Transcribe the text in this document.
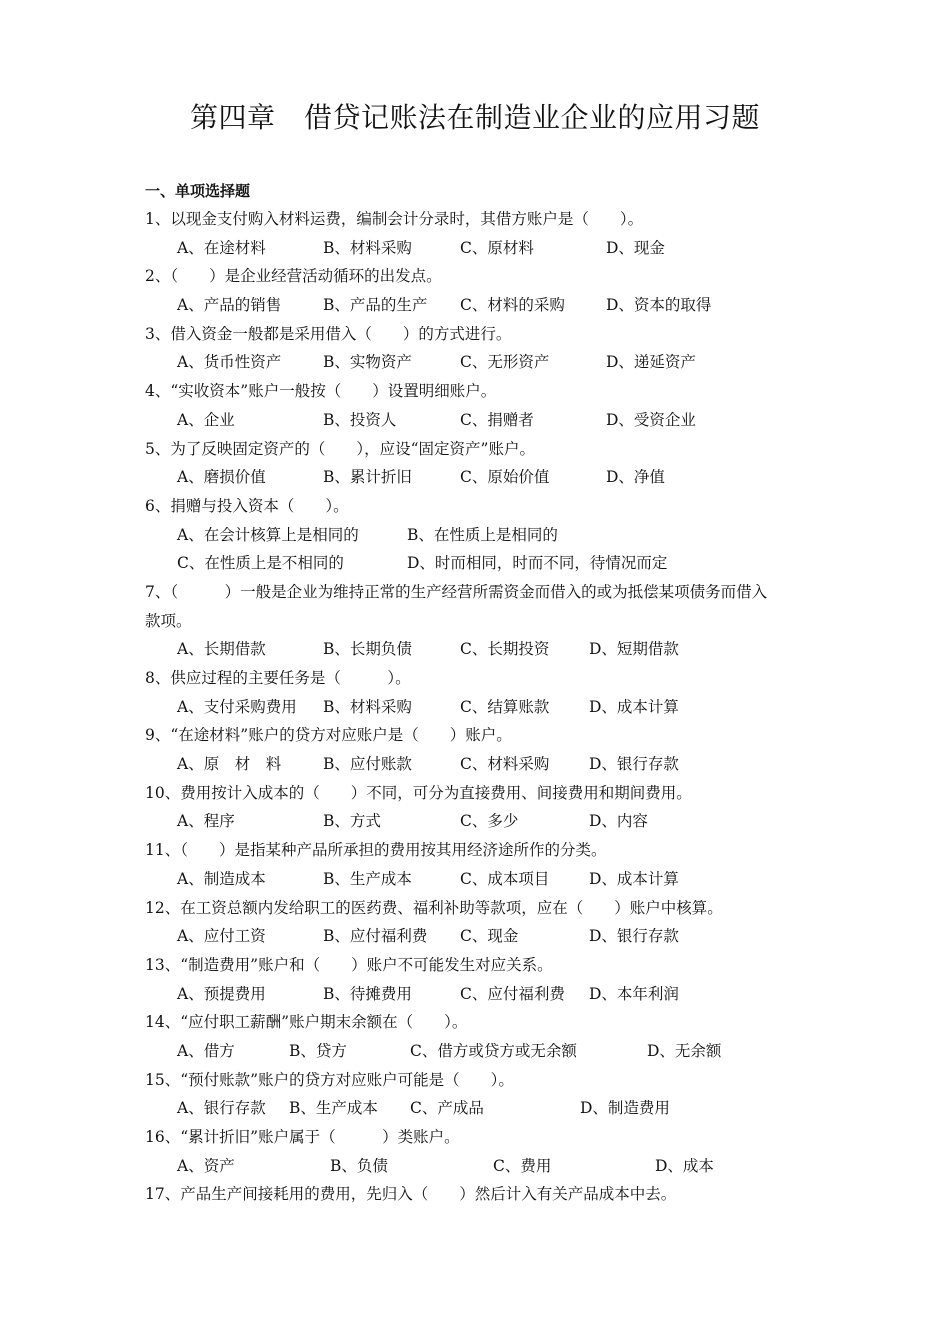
第四章　借贷记账法在制造业企业的应用习题
一、单项选择题
1、以现金支付购入材料运费，编制会计分录时，其借方账户是（　　）。
A、在途材料	B、材料采购	C、原材料	D、现金
2、（　　）是企业经营活动循环的出发点。
A、产品的销售	B、产品的生产 C、材料的采购	D、资本的取得
3、借入资金一般都是采用借入（　　）的方式进行。
A、货币性资产	B、实物资产	C、无形资产	D、递延资产
4、“实收资本”账户一般按（　　）设置明细账户。
A、企业	B、投资人	C、捐赠者	D、受资企业
5、为了反映固定资产的（　　），应设“固定资产”账户。
A、磨损价值	B、累计折旧	C、原始价值	D、净值
6、捐赠与投入资本（　　）。
A、在会计核算上是相同的	B、在性质上是相同的
C、在性质上是不相同的	D、时而相同，时而不同，待情况而定
7、（　　　）一般是企业为维持正常的生产经营所需资金而借入的或为抵偿某项债务而借入
款项。
A、长期借款	B、长期负债	C、长期投资	D、短期借款
8、供应过程的主要任务是（　　　）。
A、支付采购费用 B、材料采购	C、结算账款	D、成本计算
9、“在途材料”账户的贷方对应账户是（　　）账户。
A、原　材　料	B、应付账款	C、材料采购	D、银行存款
10、费用按计入成本的（　　）不同，可分为直接费用、间接费用和期间费用。
A、程序	B、方式	C、多少	D、内容
11、（　　）是指某种产品所承担的费用按其用经济途所作的分类。
A、制造成本	B、生产成本	C、成本项目	D、成本计算
12、在工资总额内发给职工的医药费、福利补助等款项，应在（　　）账户中核算。
A、应付工资	B、应付福利费 C、现金	D、银行存款
13、“制造费用”账户和（　　）账户不可能发生对应关系。
A、预提费用	B、待摊费用	C、应付福利费 D、本年利润
14、“应付职工薪酬”账户期末余额在（　　）。
A、借方	B、贷方	C、借方或贷方或无余额	D、无余额
15、“预付账款”账户的贷方对应账户可能是（　　）。
A、银行存款 B、生产成本 C、产成品	D、制造费用
16、“累计折旧”账户属于（　　　）类账户。
A、资产	B、负债	C、费用	D、成本
17、产品生产间接耗用的费用，先归入（　　）然后计入有关产品成本中去。
